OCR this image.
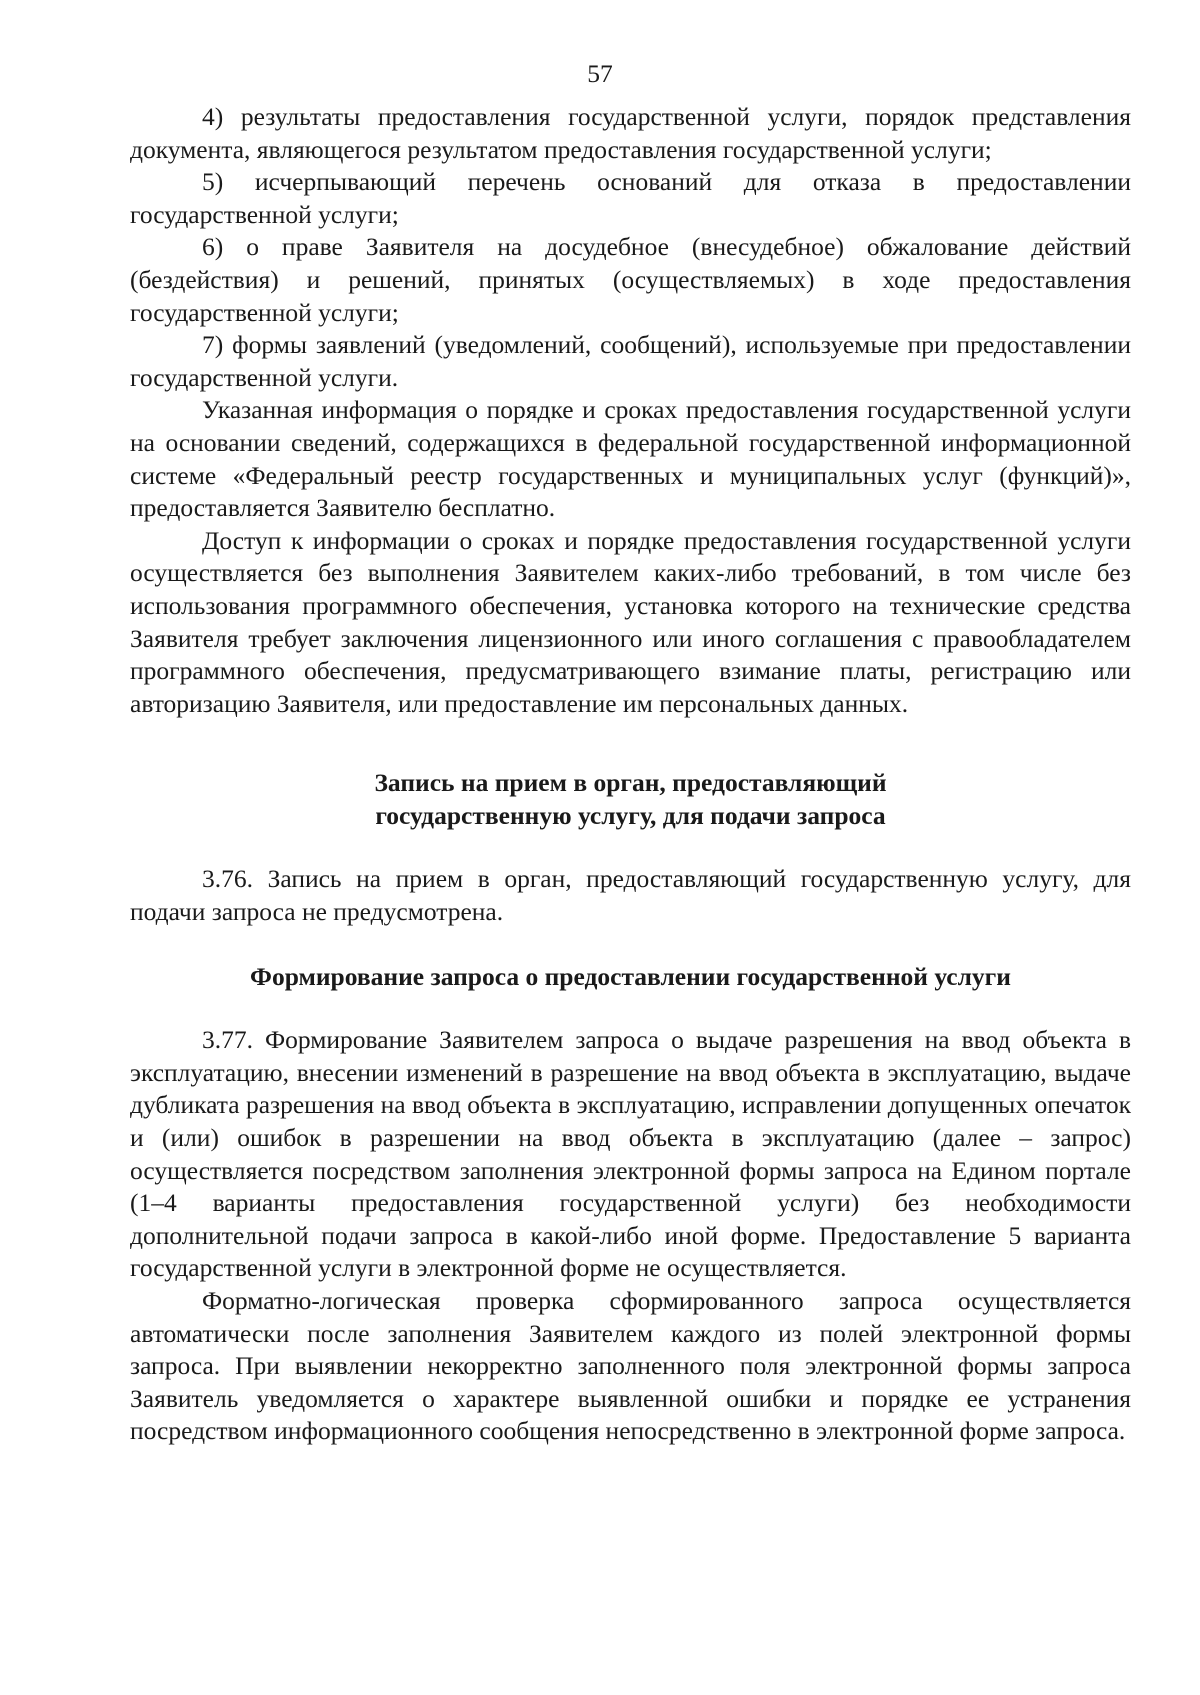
57

4) результаты предоставления государственной услуги, порядок представления документа, являющегося результатом предоставления государственной услуги;

5) исчерпывающий перечень оснований для отказа в предоставлении государственной услуги;

6) о праве Заявителя на досудебное (внесудебное) обжалование действий (бездействия) и решений, принятых (осуществляемых) в ходе предоставления государственной услуги;

7) формы заявлений (уведомлений, сообщений), используемые при предоставлении государственной услуги.

Указанная информация о порядке и сроках предоставления государственной услуги на основании сведений, содержащихся в федеральной государственной информационной системе «Федеральный реестр государственных и муниципальных услуг (функций)», предоставляется Заявителю бесплатно.

Доступ к информации о сроках и порядке предоставления государственной услуги осуществляется без выполнения Заявителем каких-либо требований, в том числе без использования программного обеспечения, установка которого на технические средства Заявителя требует заключения лицензионного или иного соглашения с правообладателем программного обеспечения, предусматривающего взимание платы, регистрацию или авторизацию Заявителя, или предоставление им персональных данных.

Запись на прием в орган, предоставляющий
государственную услугу, для подачи запроса

3.76. Запись на прием в орган, предоставляющий государственную услугу, для подачи запроса не предусмотрена.

Формирование запроса о предоставлении государственной услуги

3.77. Формирование Заявителем запроса о выдаче разрешения на ввод объекта в эксплуатацию, внесении изменений в разрешение на ввод объекта в эксплуатацию, выдаче дубликата разрешения на ввод объекта в эксплуатацию, исправлении допущенных опечаток и (или) ошибок в разрешении на ввод объекта в эксплуатацию (далее – запрос) осуществляется посредством заполнения электронной формы запроса на Едином портале (1–4 варианты предоставления государственной услуги) без необходимости дополнительной подачи запроса в какой-либо иной форме. Предоставление 5 варианта государственной услуги в электронной форме не осуществляется.

Форматно-логическая проверка сформированного запроса осуществляется автоматически после заполнения Заявителем каждого из полей электронной формы запроса. При выявлении некорректно заполненного поля электронной формы запроса Заявитель уведомляется о характере выявленной ошибки и порядке ее устранения посредством информационного сообщения непосредственно в электронной форме запроса.
